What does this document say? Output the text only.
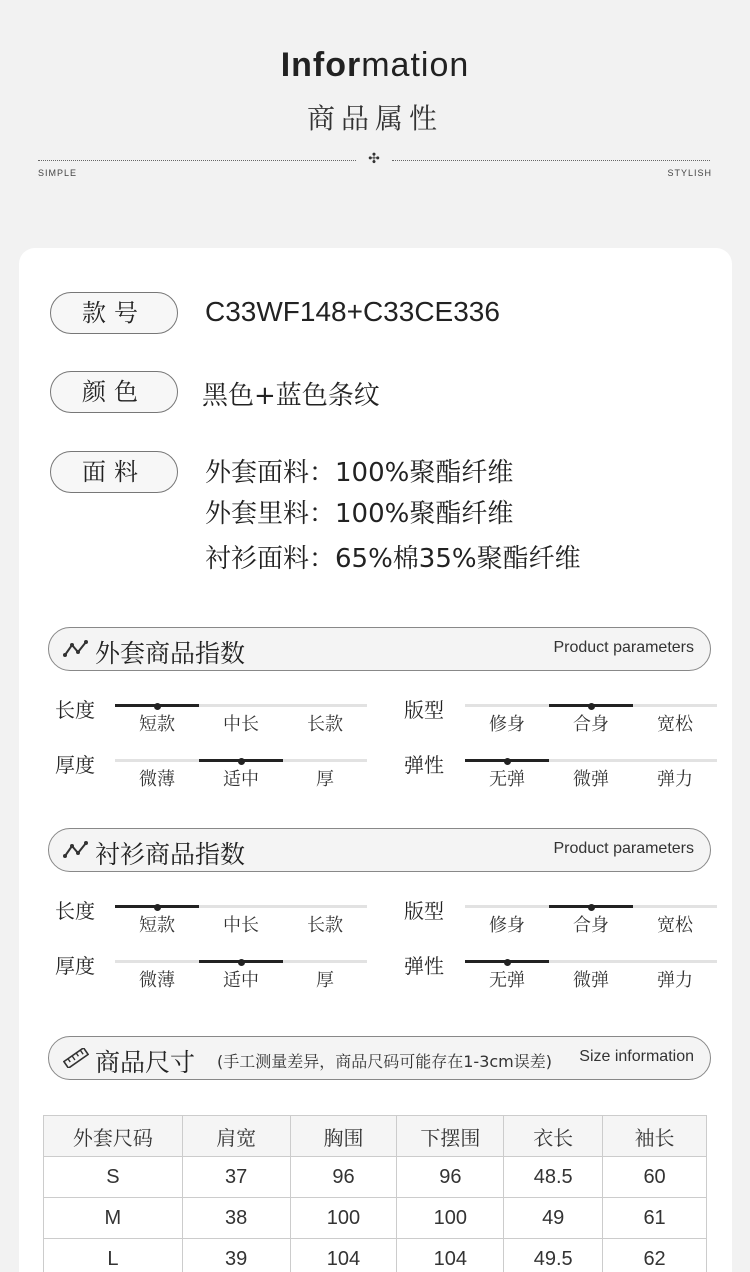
Information
商品属性
✣
SIMPLE	STYLISH
款号	C33WF148+C33CE336
颜色	黑色+蓝色条纹
面料	外套面料：100%聚酯纤维
外套里料：100%聚酯纤维
衬衫面料：65%棉35%聚酯纤维
外套商品指数	Product parameters
长度
短款	中长	长款
厚度
微薄	适中	厚
版型
修身	合身	宽松
弹性
无弹	微弹	弹力
衬衫商品指数	Product parameters
长度
短款	中长	长款
厚度
微薄	适中	厚
版型
修身	合身	宽松
弹性
无弹	微弹	弹力
商品尺寸 (手工测量差异，商品尺码可能存在1-3cm误差) Size information
外套尺码	肩宽	胸围	下摆围	衣长	袖长
S	37	96	96	48.5	60
M	38	100	100	49	61
L	39	104	104	49.5	62
